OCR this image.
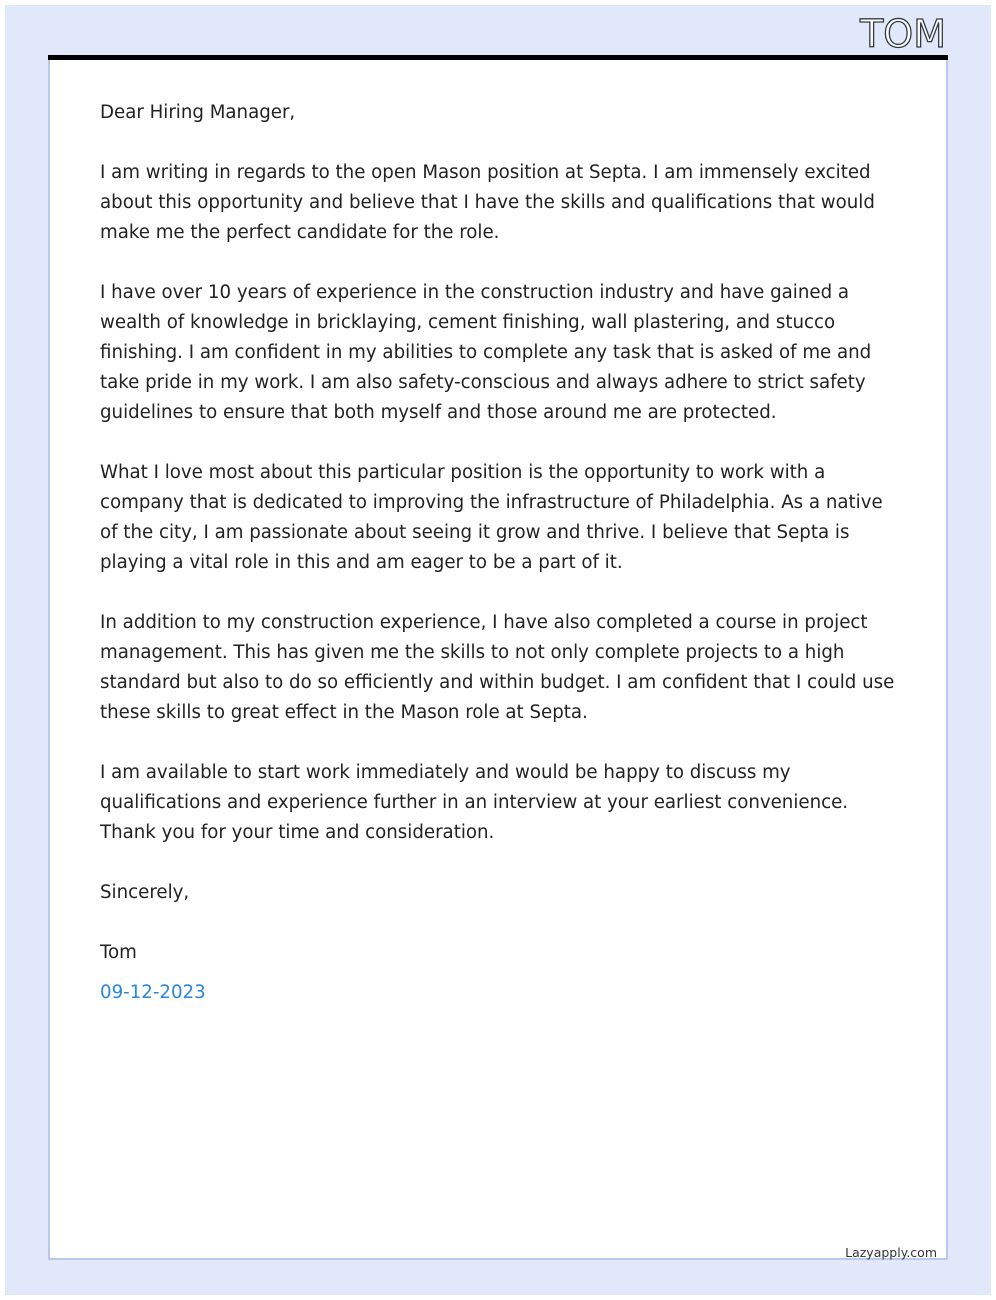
TOM

Dear Hiring Manager,

I am writing in regards to the open Mason position at Septa. I am immensely excited about this opportunity and believe that I have the skills and qualifications that would make me the perfect candidate for the role.

I have over 10 years of experience in the construction industry and have gained a wealth of knowledge in bricklaying, cement finishing, wall plastering, and stucco finishing. I am confident in my abilities to complete any task that is asked of me and take pride in my work. I am also safety-conscious and always adhere to strict safety guidelines to ensure that both myself and those around me are protected.

What I love most about this particular position is the opportunity to work with a company that is dedicated to improving the infrastructure of Philadelphia. As a native of the city, I am passionate about seeing it grow and thrive. I believe that Septa is playing a vital role in this and am eager to be a part of it.

In addition to my construction experience, I have also completed a course in project management. This has given me the skills to not only complete projects to a high standard but also to do so efficiently and within budget. I am confident that I could use these skills to great effect in the Mason role at Septa.

I am available to start work immediately and would be happy to discuss my qualifications and experience further in an interview at your earliest convenience. Thank you for your time and consideration.

Sincerely,

Tom

09-12-2023

Lazyapply.com
